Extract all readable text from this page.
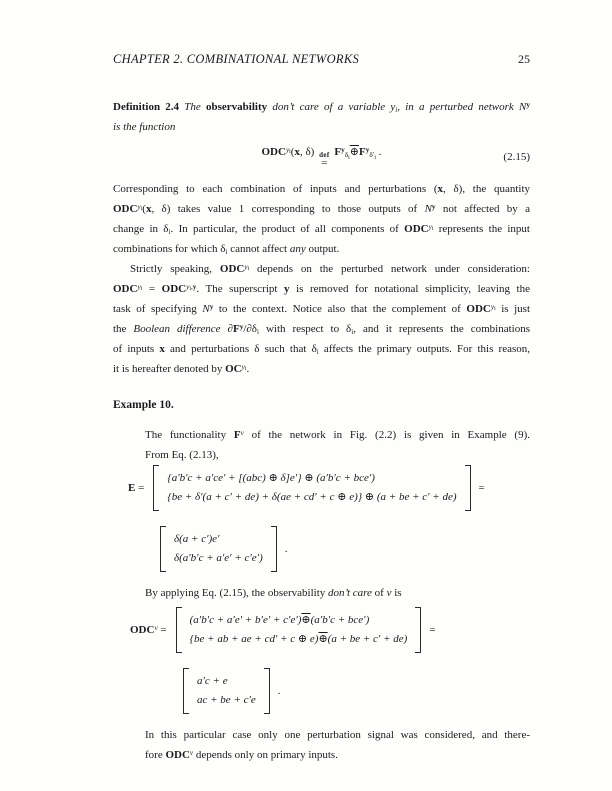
CHAPTER 2. COMBINATIONAL NETWORKS	25
Definition 2.4 The observability don’t care of a variable $y_i$, in a perturbed network $N^y$
is the function
$ODC^{y_i}(x$, δ) def
=
$F^y_{\delta_i}\oplus F^y_{\delta'_i}$ .	(2.15)
Corresponding to each combination of inputs and perturbations (x, δ), the quantity
$ODC^{y_i}(x$, δ) takes value 1 corresponding to those outputs of $N^y$ not affected by a
change in $\delta_i$. In particular, the product of all components of $ODC^{y_i}$ represents the input
combinations for which $\delta_i$ cannot affect any output.
Strictly speaking, $ODC^{y_i}$ depends on the perturbed network under consideration:
$ODC^{y_i} = ODC^{y_i,y}$. The superscript y is removed for notational simplicity, leaving the
task of specifying $N^y$ to the context. Notice also that the complement of $ODC^{y_i}$ is just
the Boolean difference $\partial F^y/\partial\delta_i$ with respect to $\delta_i$, and it represents the combinations
of inputs x and perturbations δ such that $\delta_i$ affects the primary outputs. For this reason,
it is hereafter denoted by $OC^{y_i}$.
Example 10.
The functionality $F^v$ of the network in Fig. (2.2) is given in Example (9).
From Eq. (2.13),
E =
{a′b′c + a′ce′ + [(abc) ⊕ δ]e′} ⊕ (a′b′c + bce′)
{be + δ′(a + c′ + de) + δ(ae + cd′ + c ⊕ e)} ⊕ (a + be + c′ + de)
=
δ(a + c′)e′
δ(a′b′c + a′e′ + c′e′)
.
By applying Eq. (2.15), the observability don’t care of v is
$ODC^v$ =
(a′b′c + a′e′ + b′e′ + c′e′)⊕(a′b′c + bce′)
{be + ab + ae + cd′ + c ⊕ e)⊕(a + be + c′ + de)
=
a′c + e
ac + be + c′e
.
In this particular case only one perturbation signal was considered, and there-
fore ODC$^v$ depends only on primary inputs.
